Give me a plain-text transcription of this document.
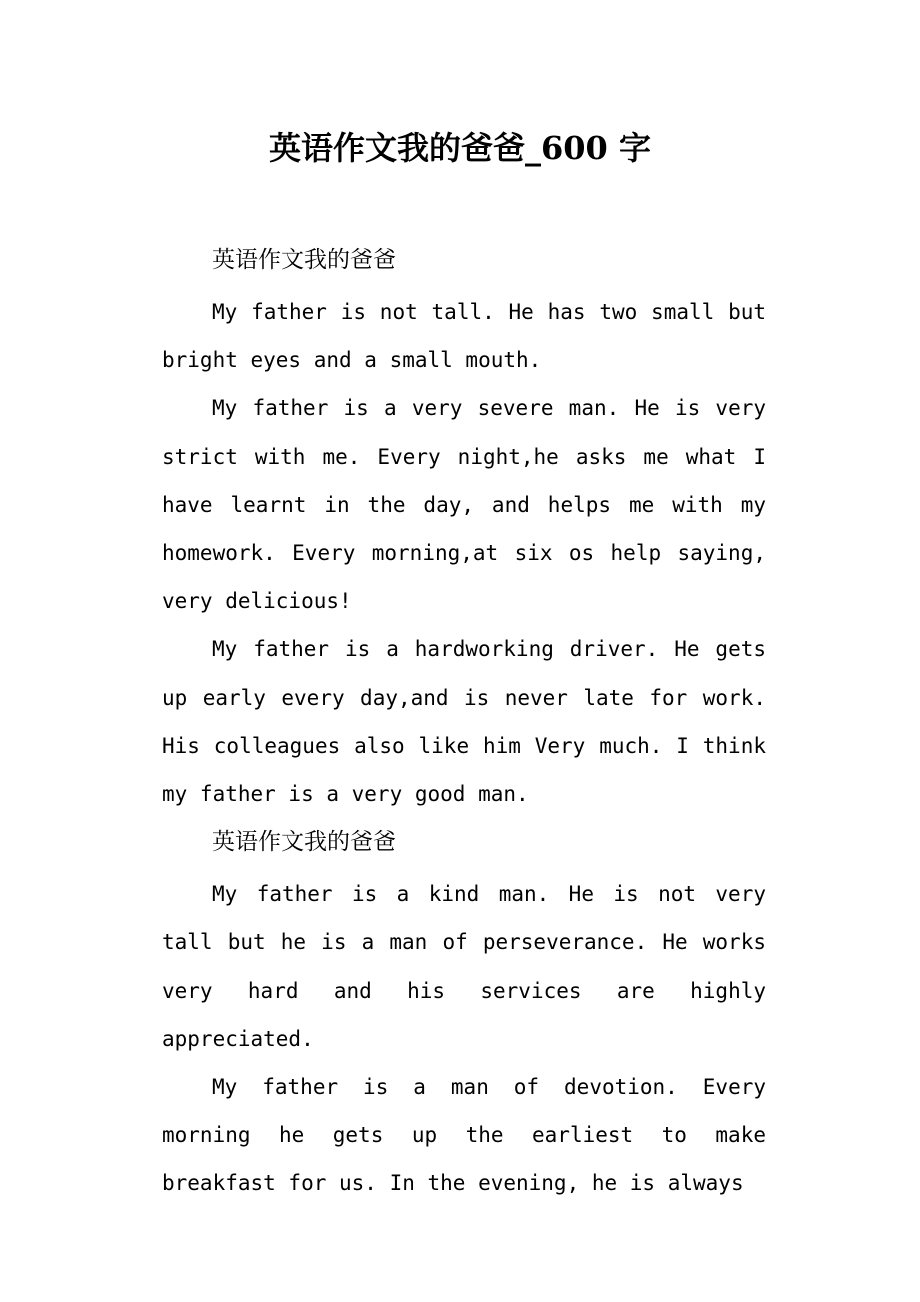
英语作文我的爸爸_600 字

英语作文我的爸爸

My father is not tall. He has two small but bright eyes and a small mouth.

My father is a very severe man. He is very strict with me. Every night,he asks me what I have learnt in the day, and helps me with my homework. Every morning,at six os help saying, very delicious!

My father is a hardworking driver. He gets up early every day,and is never late for work. His colleagues also like him Very much. I think my father is a very good man.

英语作文我的爸爸

My father is a kind man. He is not very tall but he is a man of perseverance. He works very hard and his services are highly appreciated.

My father is a man of devotion. Every morning he gets up the earliest to make breakfast for us. In the evening, he is always
